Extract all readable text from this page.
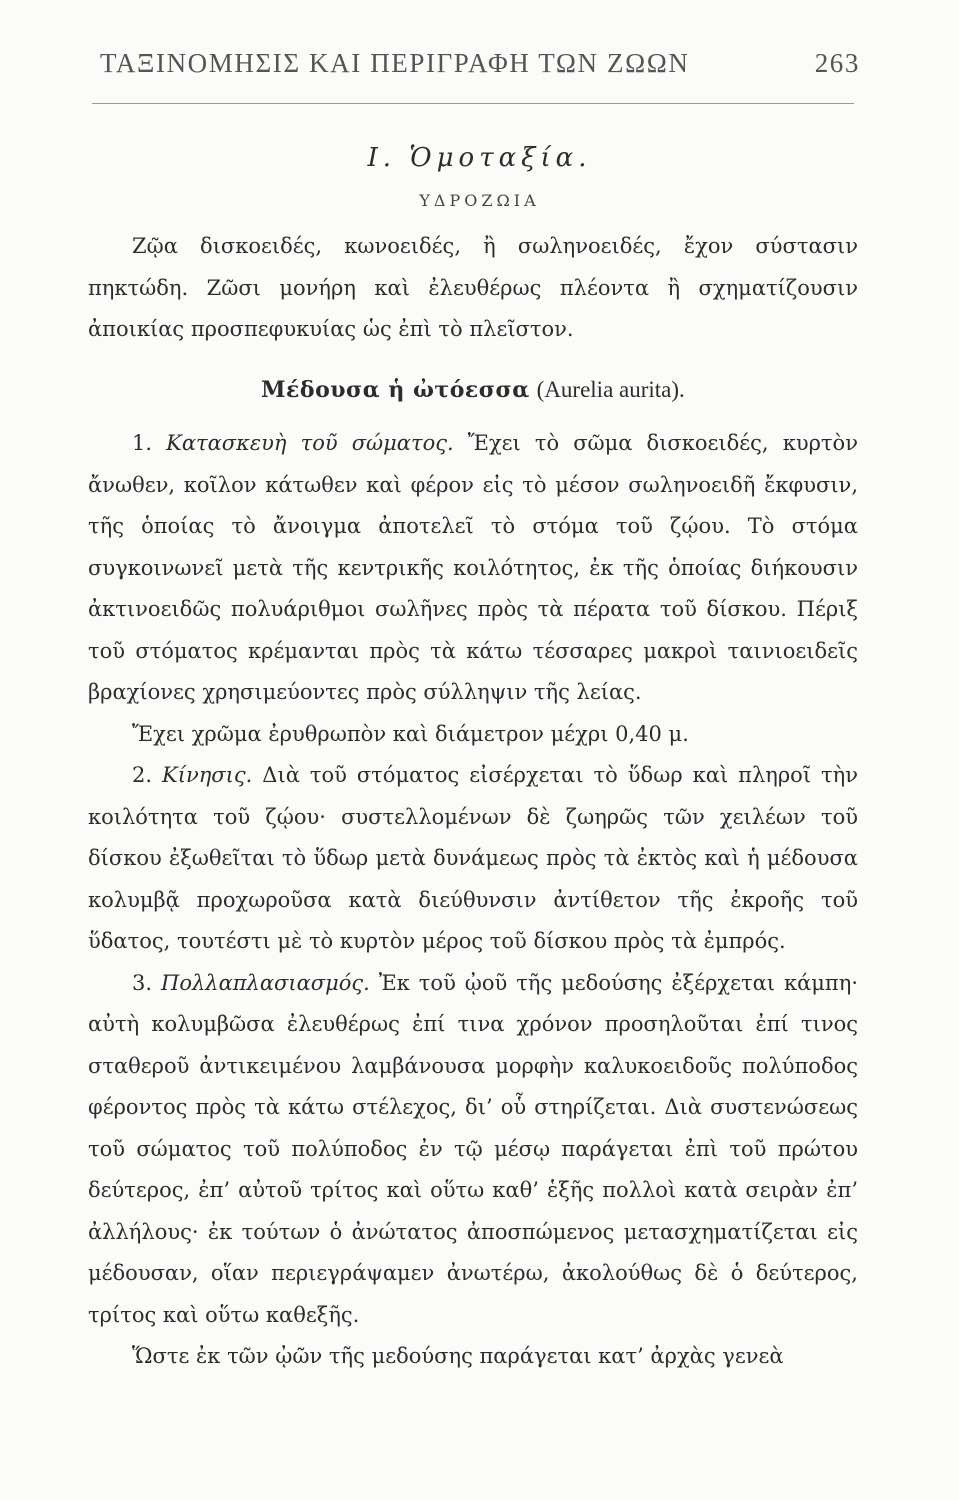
ΤΑΞΙΝΟΜΗΣΙΣ ΚΑΙ ΠΕΡΙΓΡΑΦΗ ΤΩΝ ΖΩΩΝ	263
I. Ὁμοταξία.
ΥΔΡΟΖΩΙΑ

Ζῷα δισκοειδές, κωνοειδές, ἢ σωληνοειδές, ἔχον σύστασιν πηκτώδη. Ζῶσι μονήρη καὶ ἐλευθέρως πλέοντα ἢ σχηματίζουσιν ἀποικίας προσπεφυκυίας ὡς ἐπὶ τὸ πλεῖστον.

Μέδουσα ἡ ὠτόεσσα (Aurelia aurita).

1. Κατασκευὴ τοῦ σώματος. Ἔχει τὸ σῶμα δισκοειδές, κυρτὸν ἄνωθεν, κοῖλον κάτωθεν καὶ φέρον εἰς τὸ μέσον σωληνοειδῆ ἔκφυσιν, τῆς ὁποίας τὸ ἄνοιγμα ἀποτελεῖ τὸ στόμα τοῦ ζῴου. Τὸ στόμα συγκοινωνεῖ μετὰ τῆς κεντρικῆς κοιλότητος, ἐκ τῆς ὁποίας διήκουσιν ἀκτινοειδῶς πολυάριθμοι σωλῆνες πρὸς τὰ πέρατα τοῦ δίσκου. Πέριξ τοῦ στόματος κρέμανται πρὸς τὰ κάτω τέσσαρες μακροὶ ταινιοειδεῖς βραχίονες χρησιμεύοντες πρὸς σύλληψιν τῆς λείας.

Ἔχει χρῶμα ἐρυθρωπὸν καὶ διάμετρον μέχρι 0,40 μ.

2. Κίνησις. Διὰ τοῦ στόματος εἰσέρχεται τὸ ὕδωρ καὶ πληροῖ τὴν κοιλότητα τοῦ ζῴου· συστελλομένων δὲ ζωηρῶς τῶν χειλέων τοῦ δίσκου ἐξωθεῖται τὸ ὕδωρ μετὰ δυνάμεως πρὸς τὰ ἐκτὸς καὶ ἡ μέδουσα κολυμβᾷ προχωροῦσα κατὰ διεύθυνσιν ἀντίθετον τῆς ἐκροῆς τοῦ ὕδατος, τουτέστι μὲ τὸ κυρτὸν μέρος τοῦ δίσκου πρὸς τὰ ἐμπρός.

3. Πολλαπλασιασμός. Ἐκ τοῦ ᾠοῦ τῆς μεδούσης ἐξέρχεται κάμπη· αὐτὴ κολυμβῶσα ἐλευθέρως ἐπί τινα χρόνον προσηλοῦται ἐπί τινος σταθεροῦ ἀντικειμένου λαμβάνουσα μορφὴν καλυκοειδοῦς πολύποδος φέροντος πρὸς τὰ κάτω στέλεχος, δι’ οὗ στηρίζεται. Διὰ συστενώσεως τοῦ σώματος τοῦ πολύποδος ἐν τῷ μέσῳ παράγεται ἐπὶ τοῦ πρώτου δεύτερος, ἐπ’ αὐτοῦ τρίτος καὶ οὕτω καθ’ ἑξῆς πολλοὶ κατὰ σειρὰν ἐπ’ ἀλλήλους· ἐκ τούτων ὁ ἀνώτατος ἀποσπώμενος μετασχηματίζεται εἰς μέδουσαν, οἵαν περιεγράψαμεν ἀνωτέρω, ἀκολούθως δὲ ὁ δεύτερος, τρίτος καὶ οὕτω καθεξῆς.

Ὥστε ἐκ τῶν ᾠῶν τῆς μεδούσης παράγεται κατ’ ἀρχὰς γενεὰ
